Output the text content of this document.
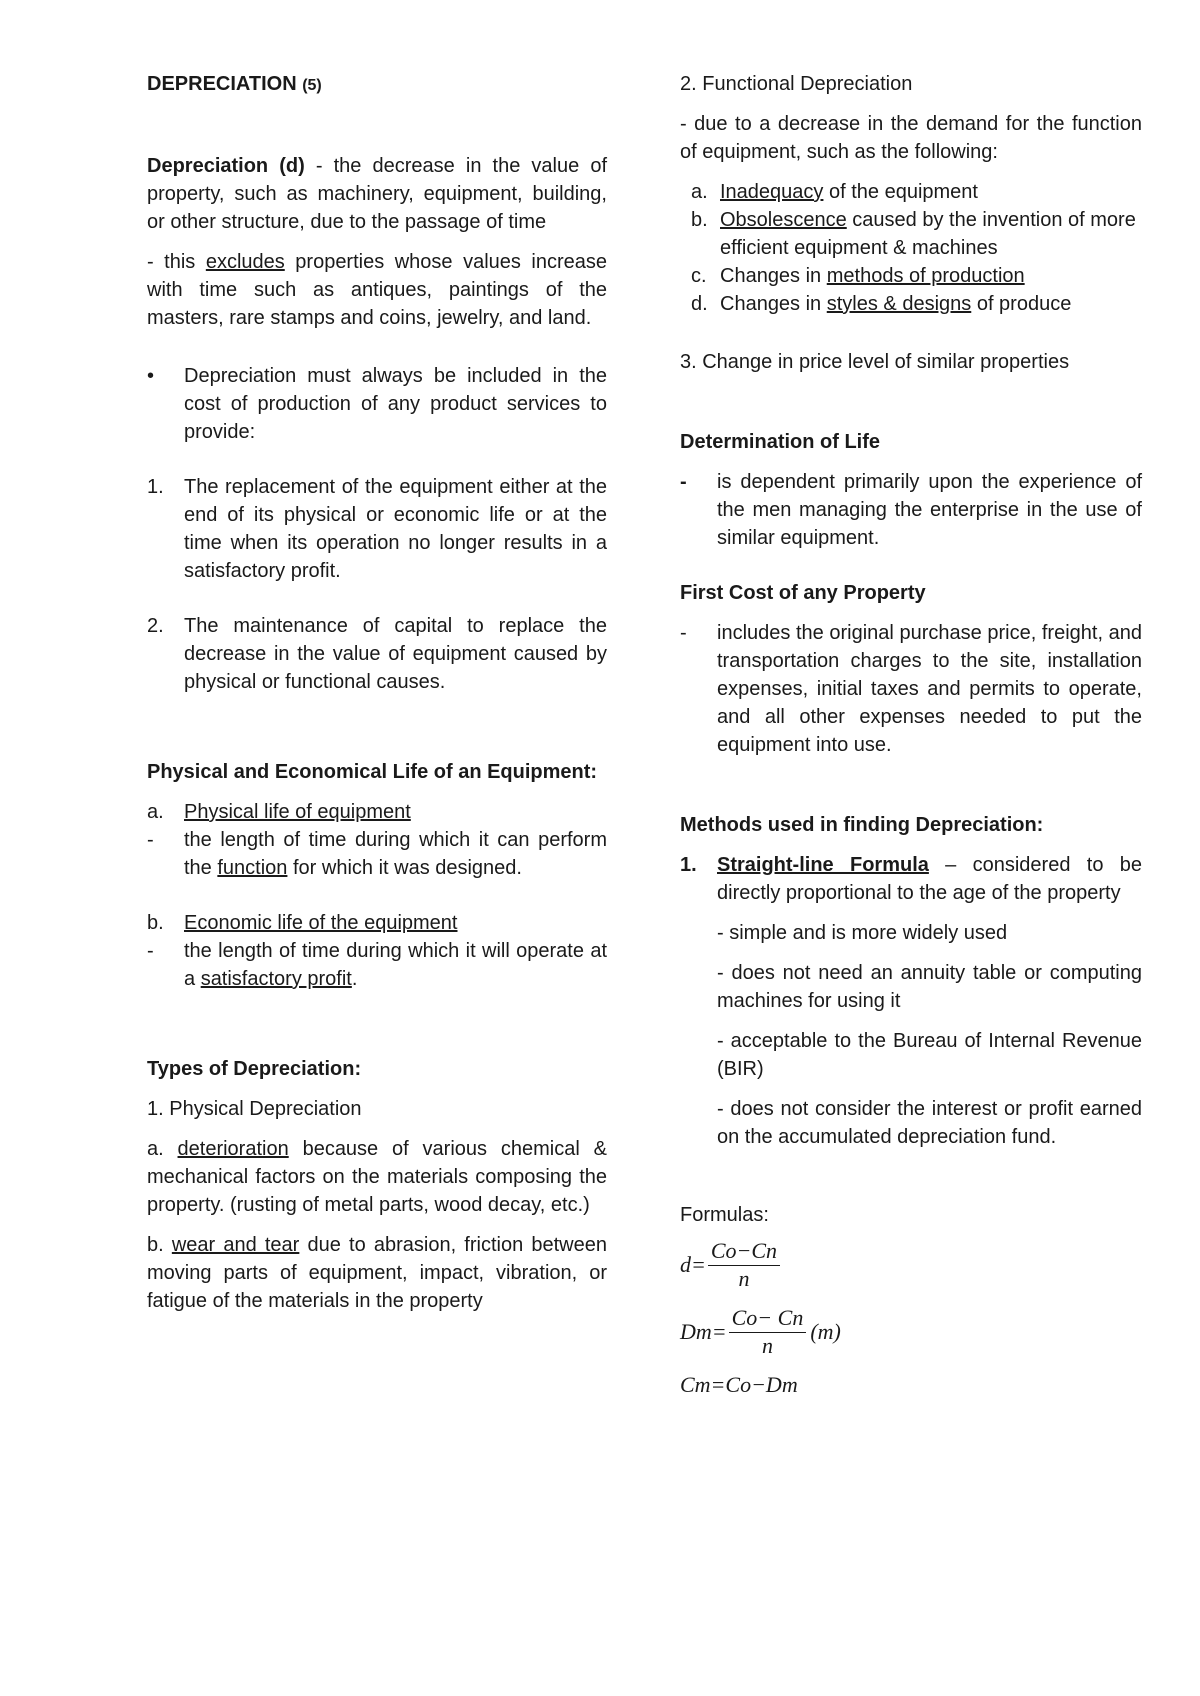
DEPRECIATION (5)

Depreciation (d) - the decrease in the value of property, such as machinery, equipment, building, or other structure, due to the passage of time

- this excludes properties whose values increase with time such as antiques, paintings of the masters, rare stamps and coins, jewelry, and land.

•	Depreciation must always be included in the cost of production of any product services to provide:
1.	The replacement of the equipment either at the end of its physical or economic life or at the time when its operation no longer results in a satisfactory profit.
2.	The maintenance of capital to replace the decrease in the value of equipment caused by physical or functional causes.

Physical and Economical Life of an Equipment:

a.	Physical life of equipment
-	the length of time during which it can perform the function for which it was designed.
b.	Economic life of the equipment
-	the length of time during which it will operate at a satisfactory profit.

Types of Depreciation:

1. Physical Depreciation

a. deterioration because of various chemical & mechanical factors on the materials composing the property. (rusting of metal parts, wood decay, etc.)

b. wear and tear due to abrasion, friction between moving parts of equipment, impact, vibration, or fatigue of the materials in the property

2. Functional Depreciation

- due to a decrease in the demand for the function of equipment, such as the following:

a. Inadequacy of the equipment
b. Obsolescence caused by the invention of more efficient equipment & machines
c. Changes in methods of production
d. Changes in styles & designs of produce

3. Change in price level of similar properties

Determination of Life

-	is dependent primarily upon the experience of the men managing the enterprise in the use of similar equipment.

First Cost of any Property

-	includes the original purchase price, freight, and transportation charges to the site, installation expenses, initial taxes and permits to operate, and all other expenses needed to put the equipment into use.

Methods used in finding Depreciation:

1.	Straight-line Formula – considered to be directly proportional to the age of the property

- simple and is more widely used

- does not need an annuity table or computing machines for using it

- acceptable to the Bureau of Internal Revenue (BIR)

- does not consider the interest or profit earned on the accumulated depreciation fund.

Formulas:

$d= \frac{Co-Cn}{n}$
$Dm= \frac{Co- Cn}{n} (m)$
Cm=Co−Dm
